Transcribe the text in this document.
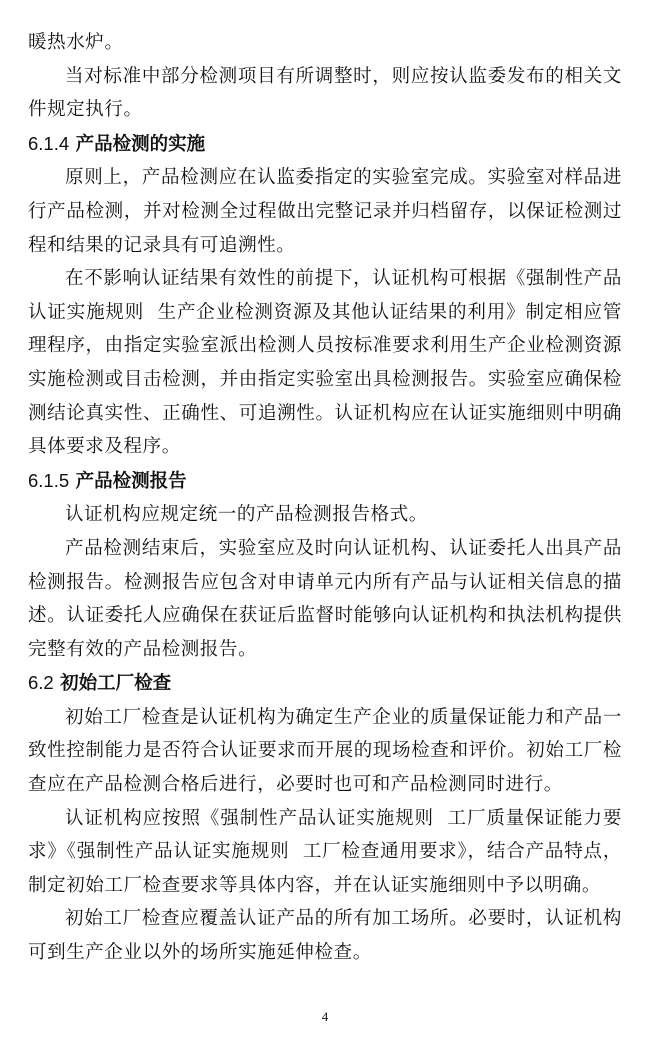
暖热水炉。

当对标准中部分检测项目有所调整时，则应按认监委发布的相关文件规定执行。

6.1.4 产品检测的实施

原则上，产品检测应在认监委指定的实验室完成。实验室对样品进行产品检测，并对检测全过程做出完整记录并归档留存，以保证检测过程和结果的记录具有可追溯性。

在不影响认证结果有效性的前提下，认证机构可根据《强制性产品认证实施规则  生产企业检测资源及其他认证结果的利用》制定相应管理程序，由指定实验室派出检测人员按标准要求利用生产企业检测资源实施检测或目击检测，并由指定实验室出具检测报告。实验室应确保检测结论真实性、正确性、可追溯性。认证机构应在认证实施细则中明确具体要求及程序。

6.1.5 产品检测报告

认证机构应规定统一的产品检测报告格式。

产品检测结束后，实验室应及时向认证机构、认证委托人出具产品检测报告。检测报告应包含对申请单元内所有产品与认证相关信息的描述。认证委托人应确保在获证后监督时能够向认证机构和执法机构提供完整有效的产品检测报告。

6.2 初始工厂检查

初始工厂检查是认证机构为确定生产企业的质量保证能力和产品一致性控制能力是否符合认证要求而开展的现场检查和评价。初始工厂检查应在产品检测合格后进行，必要时也可和产品检测同时进行。

认证机构应按照《强制性产品认证实施规则  工厂质量保证能力要求》《强制性产品认证实施规则  工厂检查通用要求》，结合产品特点，制定初始工厂检查要求等具体内容，并在认证实施细则中予以明确。

初始工厂检查应覆盖认证产品的所有加工场所。必要时，认证机构可到生产企业以外的场所实施延伸检查。

4
